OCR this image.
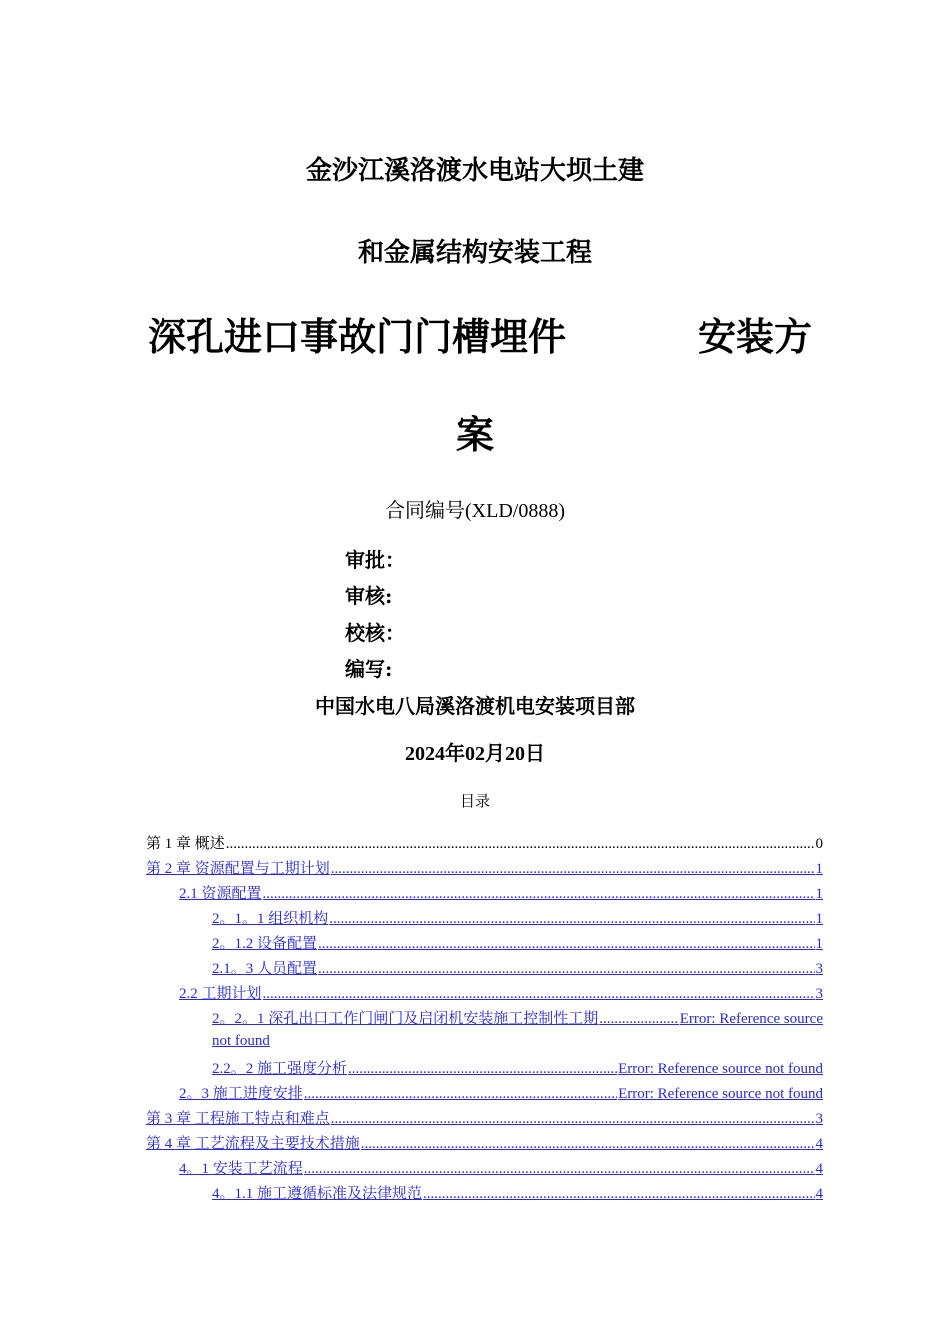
金沙江溪洛渡水电站大坝土建
和金属结构安装工程
深孔进口事故门门槽埋件	安装方
案
合同编号(XLD/0888)
审批：
审核:
校核：
编写:
中国水电八局溪洛渡机电安装项目部
2024年02月20日
目录
第 1 章 概述 .....	0
第 2 章 资源配置与工期计划 .....	1
2.1 资源配置 .....	1
2。1。1 组织机构 .....	1
2。1.2 设备配置 .....	1
2.1。3 人员配置 .....	3
2.2 工期计划 .....	3
2。2。1 深孔出口工作门闸门及启闭机安装施工控制性工期 .....	Error: Reference source
not found
2.2。2 施工强度分析 .....	Error: Reference source not found
2。3 施工进度安排 .....	Error: Reference source not found
第 3 章 工程施工特点和难点 .....	3
第 4 章 工艺流程及主要技术措施 .....	4
4。1 安装工艺流程 .....	4
4。1.1 施工遵循标准及法律规范 .....	4
